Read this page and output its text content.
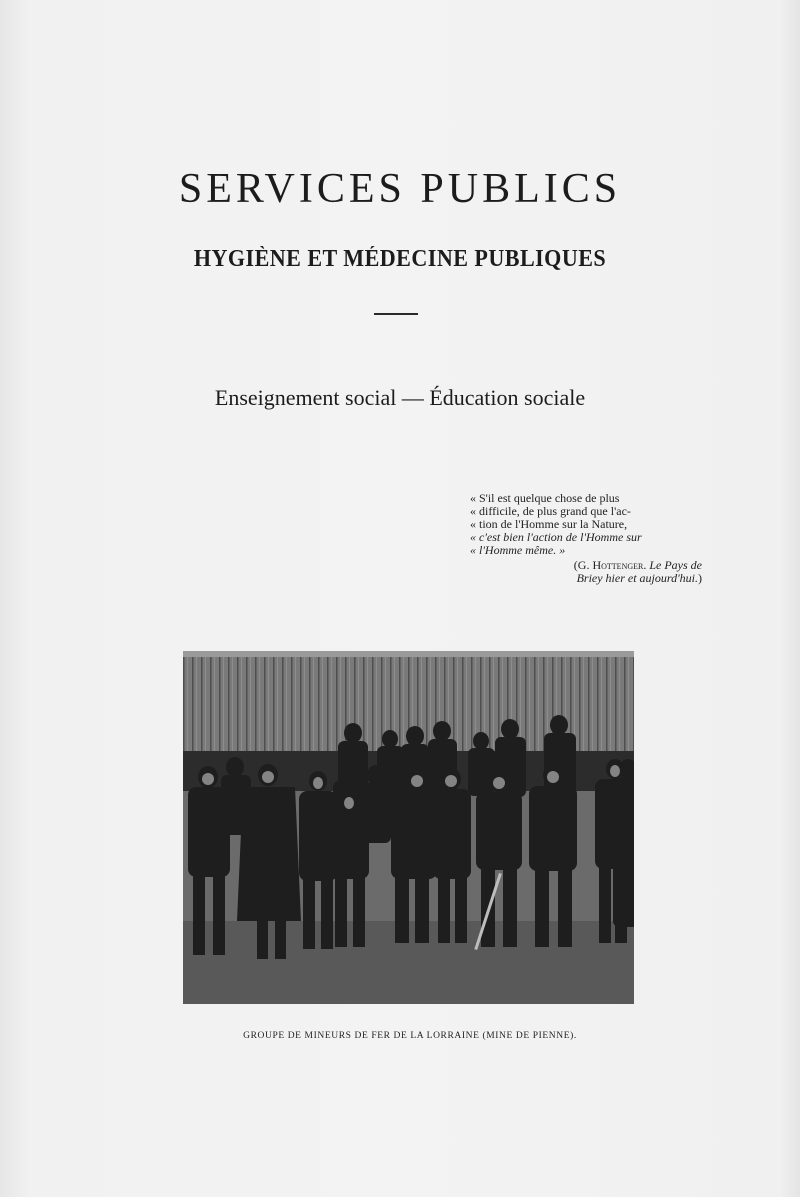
SERVICES PUBLICS
HYGIÈNE ET MÉDECINE PUBLIQUES
Enseignement social — Éducation sociale
« S'il est quelque chose de plus
« difficile, de plus grand que l'ac-
« tion de l'Homme sur la Nature,
« c'est bien l'action de l'Homme sur
« l'Homme même. »
(G. Hottenger. Le Pays de
Briey hier et aujourd'hui.)
GROUPE DE MINEURS DE FER DE LA LORRAINE (MINE DE PIENNE).
